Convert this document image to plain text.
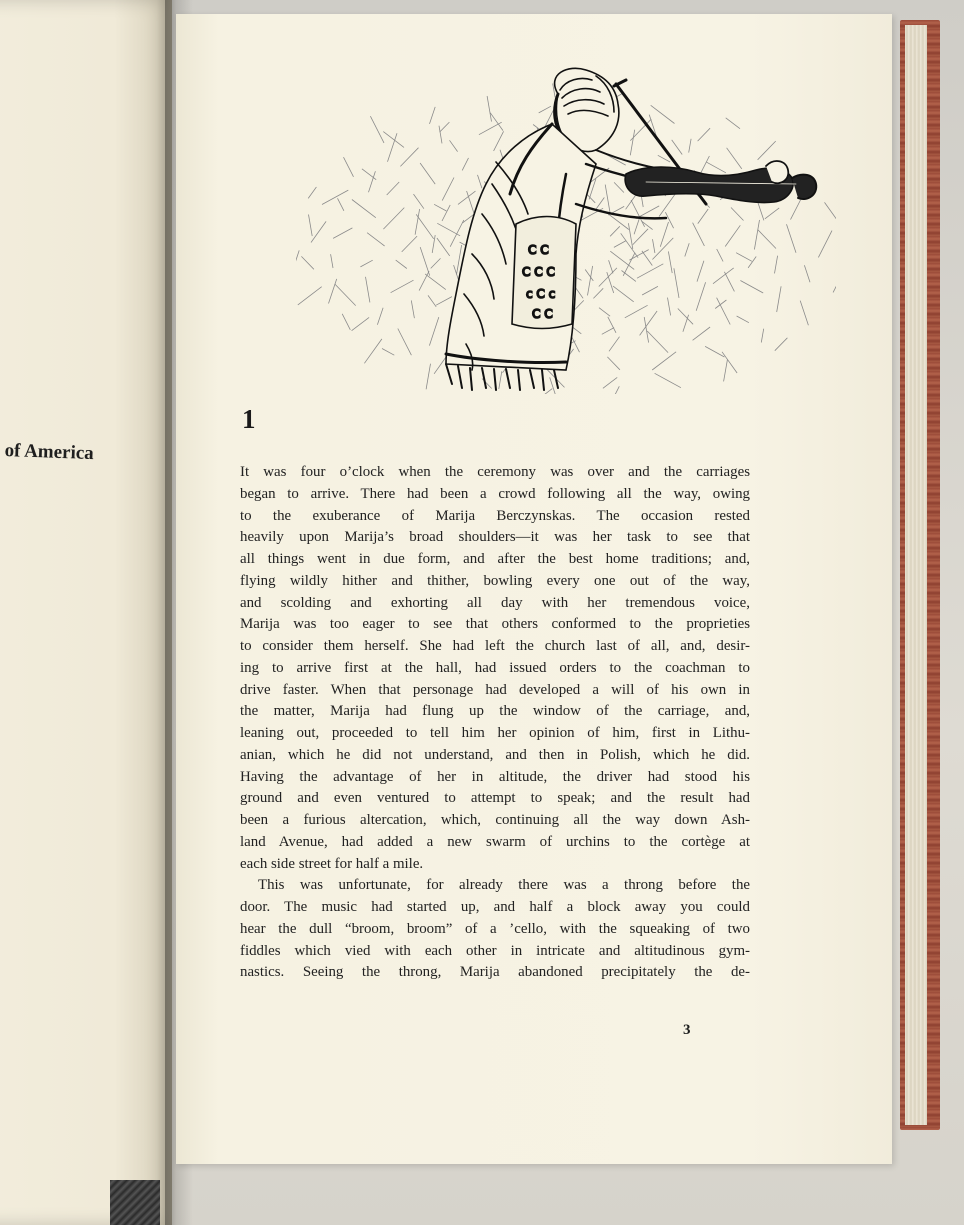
of America
C C
C C C
ⅽ C ⅽ
C C
1
It was four o’clock when the ceremony was over and the carriages
began to arrive. There had been a crowd following all the way, owing
to the exuberance of Marija Berczynskas. The occasion rested
heavily upon Marija’s broad shoulders—it was her task to see that
all things went in due form, and after the best home traditions; and,
flying wildly hither and thither, bowling every one out of the way,
and scolding and exhorting all day with her tremendous voice,
Marija was too eager to see that others conformed to the proprieties
to consider them herself. She had left the church last of all, and, desir-
ing to arrive first at the hall, had issued orders to the coachman to
drive faster. When that personage had developed a will of his own in
the matter, Marija had flung up the window of the carriage, and,
leaning out, proceeded to tell him her opinion of him, first in Lithu-
anian, which he did not understand, and then in Polish, which he did.
Having the advantage of her in altitude, the driver had stood his
ground and even ventured to attempt to speak; and the result had
been a furious altercation, which, continuing all the way down Ash-
land Avenue, had added a new swarm of urchins to the cortège at
each side street for half a mile.
This was unfortunate, for already there was a throng before the
door. The music had started up, and half a block away you could
hear the dull “broom, broom” of a ’cello, with the squeaking of two
fiddles which vied with each other in intricate and altitudinous gym-
nastics. Seeing the throng, Marija abandoned precipitately the de-
3
